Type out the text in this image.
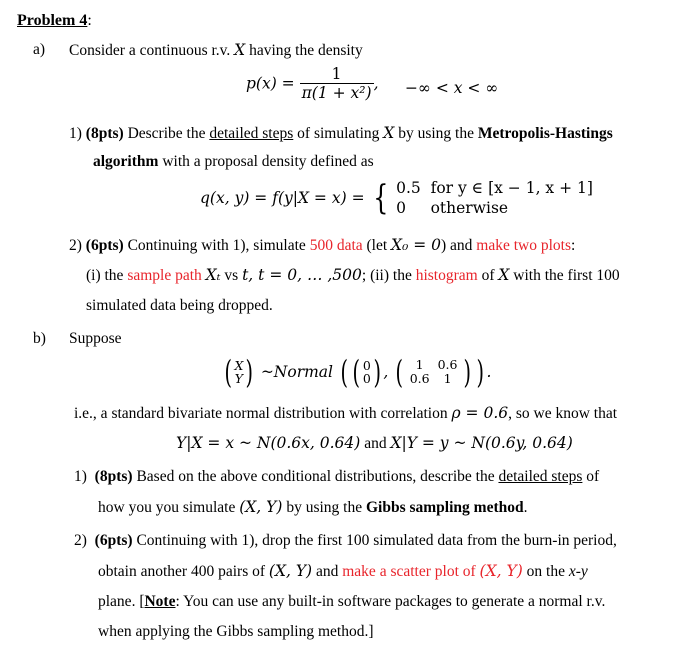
Problem 4:
a) Consider a continuous r.v. X having the density
$p(x) = \frac{1}{\text{π(1 + x²)}}$ , −∞ < x < ∞
1) (8pts) Describe the detailed steps of simulating X by using the Metropolis-Hastings
algorithm with a proposal density defined as
q(x, y) = f(y|X = x) = { 0.5 for y ∈ [x − 1, x + 1]
0 otherwise
2) (6pts) Continuing with 1), simulate 500 data (let X₀ = 0) and make two plots:
(i) the sample path Xₜ vs t, t = 0, … ,500; (ii) the histogram of X with the first 100
simulated data being dropped.
b) Suppose
( X
Y ) ~Normal ( ( 0
0 ) , ( 1	0.6
0.6	1 ) ) .
i.e., a standard bivariate normal distribution with correlation ρ = 0.6, so we know that
Y|X = x ~ N(0.6x, 0.64) and X|Y = y ~ N(0.6y, 0.64)
1) (8pts) Based on the above conditional distributions, describe the detailed steps of
how you you simulate (X, Y) by using the Gibbs sampling method.
2) (6pts) Continuing with 1), drop the first 100 simulated data from the burn-in period,
obtain another 400 pairs of (X, Y) and make a scatter plot of (X, Y) on the x-y
plane. [Note: You can use any built-in software packages to generate a normal r.v.
when applying the Gibbs sampling method.]
